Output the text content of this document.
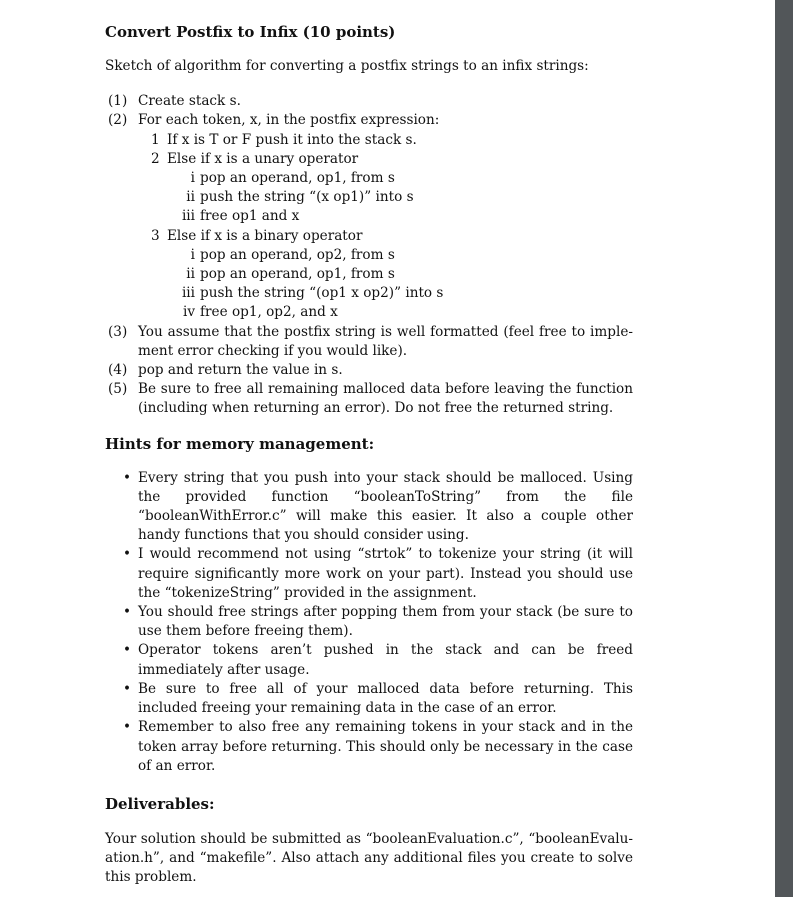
Convert Postfix to Infix (10 points)

Sketch of algorithm for converting a postfix strings to an infix strings:

(1) Create stack s.
(2) For each token, x, in the postfix expression:
1 If x is T or F push it into the stack s.
2 Else if x is a unary operator
i pop an operand, op1, from s
ii push the string “(x op1)” into s
iii free op1 and x
3 Else if x is a binary operator
i pop an operand, op2, from s
ii pop an operand, op1, from s
iii push the string “(op1 x op2)” into s
iv free op1, op2, and x
(3) You assume that the postfix string is well formatted (feel free to imple- ment error checking if you would like).
(4) pop and return the value in s.
(5) Be sure to free all remaining malloced data before leaving the function (including when returning an error). Do not free the returned string.
Hints for memory management:
• Every string that you push into your stack should be malloced. Using the provided function “booleanToString” from the file “booleanWithError.c” will make this easier. It also a couple other handy functions that you should consider using.
• I would recommend not using “strtok” to tokenize your string (it will require significantly more work on your part). Instead you should use the “tokenizeString” provided in the assignment.
• You should free strings after popping them from your stack (be sure to use them before freeing them).
• Operator tokens aren’t pushed in the stack and can be freed immediately after usage.
• Be sure to free all of your malloced data before returning. This included freeing your remaining data in the case of an error.
• Remember to also free any remaining tokens in your stack and in the token array before returning. This should only be necessary in the case of an error.
Deliverables:

Your solution should be submitted as “booleanEvaluation.c”, “booleanEvalu- ation.h”, and “makefile”. Also attach any additional files you create to solve this problem.
